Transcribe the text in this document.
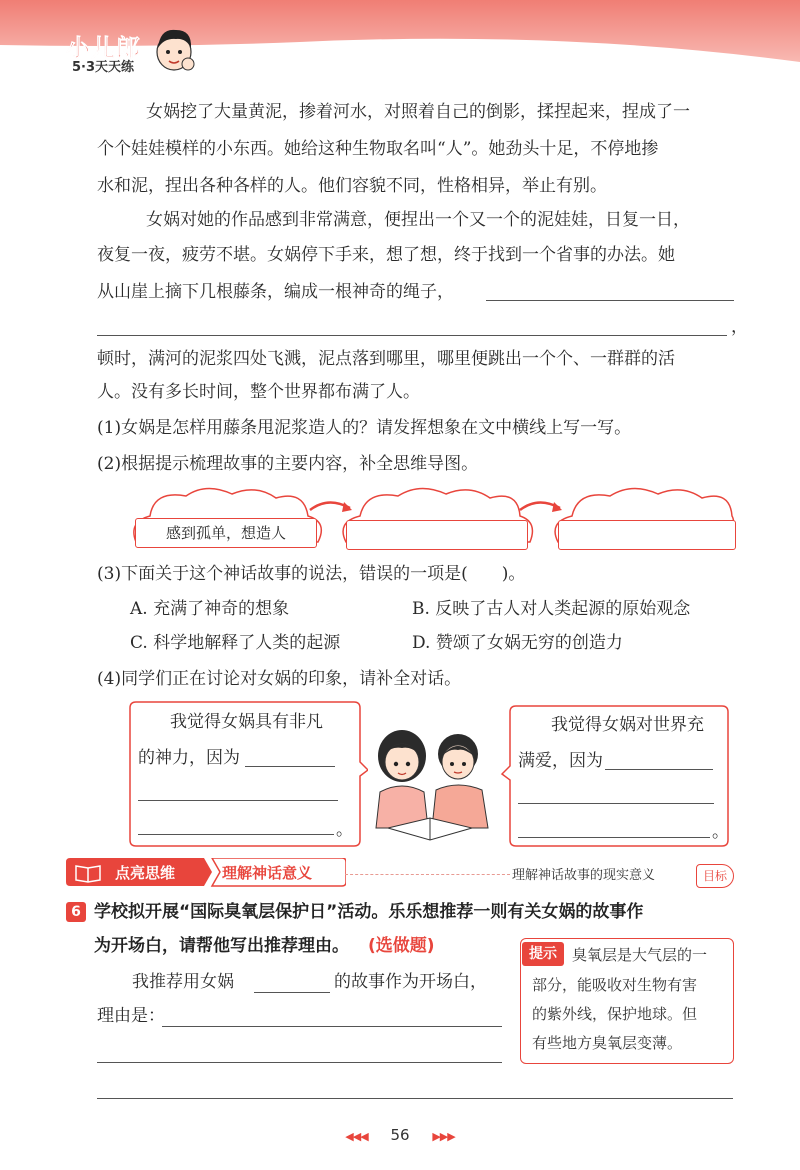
小儿郎
5·3天天练
女娲挖了大量黄泥，掺着河水，对照着自己的倒影，揉捏起来，捏成了一
个个娃娃模样的小东西。她给这种生物取名叫“人”。她劲头十足，不停地掺
水和泥，捏出各种各样的人。他们容貌不同，性格相异，举止有别。
女娲对她的作品感到非常满意，便捏出一个又一个的泥娃娃，日复一日，
夜复一夜，疲劳不堪。女娲停下手来，想了想，终于找到一个省事的办法。她
从山崖上摘下几根藤条，编成一根神奇的绳子，
，
顿时，满河的泥浆四处飞溅，泥点落到哪里，哪里便跳出一个个、一群群的活
人。没有多长时间，整个世界都布满了人。
(1)女娲是怎样用藤条甩泥浆造人的？请发挥想象在文中横线上写一写。
(2)根据提示梳理故事的主要内容，补全思维导图。
感到孤单，想造人
(3)下面关于这个神话故事的说法，错误的一项是(　　)。
A. 充满了神奇的想象	B. 反映了古人对人类起源的原始观念
C. 科学地解释了人类的起源	D. 赞颂了女娲无穷的创造力
(4)同学们正在讨论对女娲的印象，请补全对话。
我觉得女娲具有非凡
的神力，因为
。
我觉得女娲对世界充
满爱，因为
。
点亮思维	理解神话意义	理解神话故事的现实意义	目标
6 学校拟开展“国际臭氧层保护日”活动。乐乐想推荐一则有关女娲的故事作
为开场白，请帮他写出推荐理由。 (选做题)
我推荐用女娲	的故事作为开场白，
理由是：
提示	臭氧层是大气层的一
部分，能吸收对生物有害
的紫外线，保护地球。但
有些地方臭氧层变薄。
◀◀◀ 56 ▶▶▶
